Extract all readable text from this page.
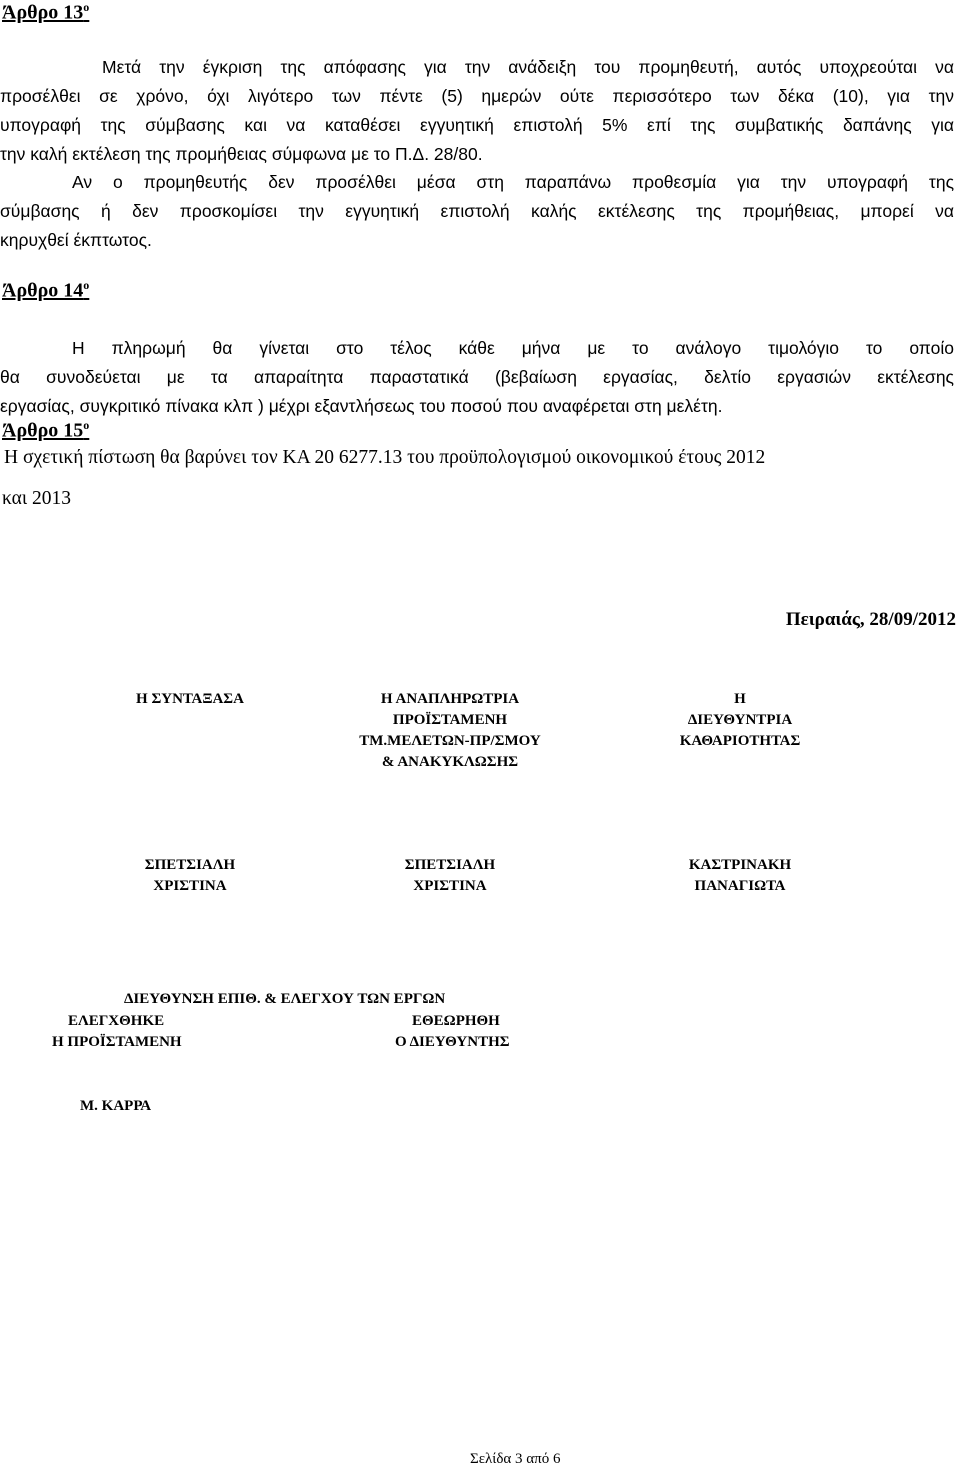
Άρθρο $13^o$
Μετά την έγκριση της απόφασης για την ανάδειξη του προμηθευτή, αυτός υποχρεούται να
προσέλθει σε χρόνο, όχι λιγότερο των πέντε (5) ημερών ούτε περισσότερο των δέκα (10), για την
υπογραφή της σύμβασης και να καταθέσει εγγυητική επιστολή 5% επί της συμβατικής δαπάνης για
την καλή εκτέλεση της προμήθειας σύμφωνα με το Π.Δ. 28/80.
Αν ο προμηθευτής δεν προσέλθει μέσα στη παραπάνω προθεσμία για την υπογραφή της
σύμβασης ή δεν προσκομίσει την εγγυητική επιστολή καλής εκτέλεσης της προμήθειας, μπορεί να
κηρυχθεί έκπτωτος.
Άρθρο $14^o$
Η πληρωμή θα γίνεται στο τέλος κάθε μήνα με το ανάλογο τιμολόγιο το οποίο
θα συνοδεύεται με τα απαραίτητα παραστατικά (βεβαίωση εργασίας, δελτίο εργασιών εκτέλεσης
εργασίας, συγκριτικό πίνακα κλπ ) μέχρι εξαντλήσεως του ποσού που αναφέρεται στη μελέτη.
Άρθρο $15^o$
Η σχετική πίστωση θα βαρύνει τον ΚΑ 20 6277.13 του προϋπολογισμού οικονομικού έτους 2012
και 2013
Πειραιάς, 28/09/2012
Η ΣΥΝΤΑΞΑΣΑ	Η ΑΝΑΠΛΗΡΩΤΡΙΑ
ΠΡΟΪΣΤΑΜΕΝΗ
ΤΜ.ΜΕΛΕΤΩΝ-ΠΡ/ΣΜΟΥ
& ΑΝΑΚΥΚΛΩΣΗΣ
Η
ΔΙΕΥΘΥΝΤΡΙΑ
ΚΑΘΑΡΙΟΤΗΤΑΣ
ΣΠΕΤΣΙΑΛΗ
ΧΡΙΣΤΙΝΑ
ΣΠΕΤΣΙΑΛΗ
ΧΡΙΣΤΙΝΑ
ΚΑΣΤΡΙΝΑΚΗ
ΠΑΝΑΓΙΩΤΑ
ΔΙΕΥΘΥΝΣΗ ΕΠΙΘ. & ΕΛΕΓΧΟΥ ΤΩΝ ΕΡΓΩΝ
ΕΛΕΓΧΘΗΚΕ
Η ΠΡΟΪΣΤΑΜΕΝΗ
ΕΘΕΩΡΗΘΗ
Ο ΔΙΕΥΘΥΝΤΗΣ
Μ. ΚΑΡΡΑ
Σελίδα 3 από 6
